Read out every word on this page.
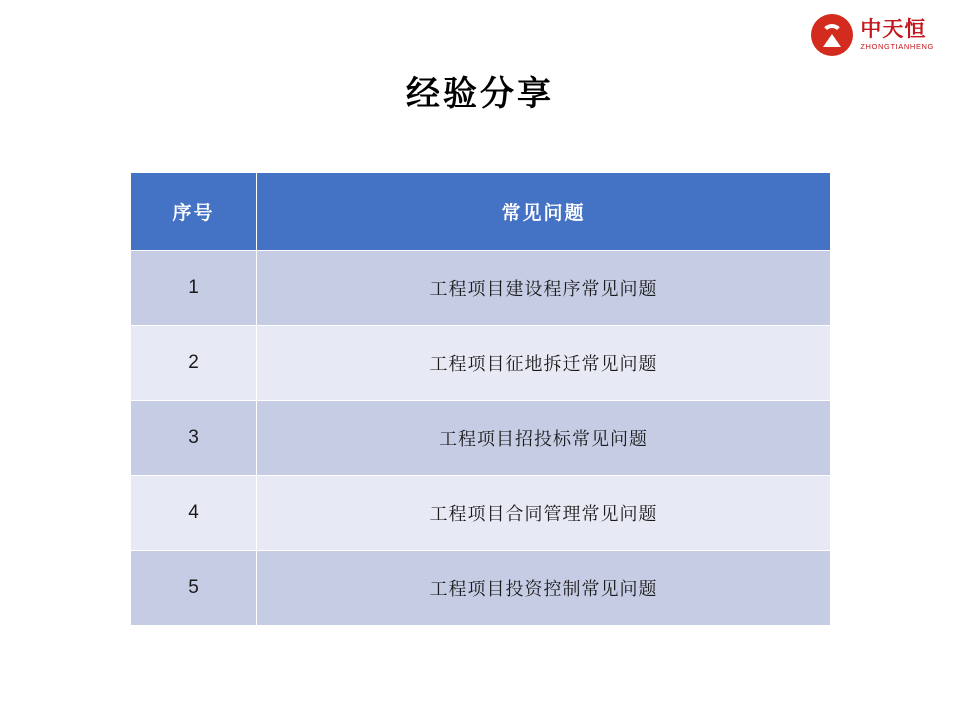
中天恒
ZHONGTIANHENG
经验分享
序号	常见问题
1	工程项目建设程序常见问题
2	工程项目征地拆迁常见问题
3	工程项目招投标常见问题
4	工程项目合同管理常见问题
5	工程项目投资控制常见问题
